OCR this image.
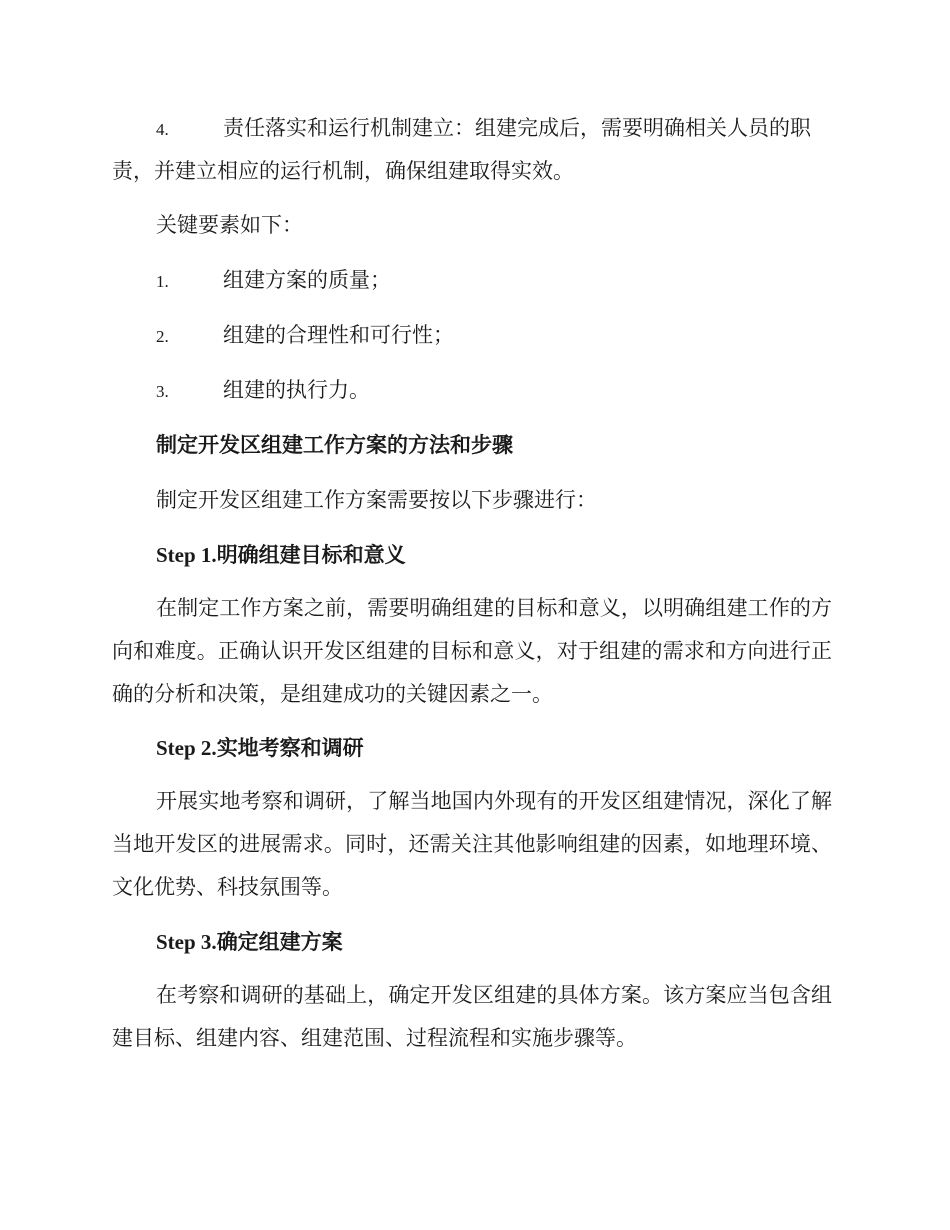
4.	责任落实和运行机制建立：组建完成后，需要明确相关人员的职
责，并建立相应的运行机制，确保组建取得实效。
关键要素如下：
1.	组建方案的质量；
2.	组建的合理性和可行性；
3.	组建的执行力。
制定开发区组建工作方案的方法和步骤
制定开发区组建工作方案需要按以下步骤进行：
Step 1.明确组建目标和意义
在制定工作方案之前，需要明确组建的目标和意义，以明确组建工作的方向和难度。正确认识开发区组建的目标和意义，对于组建的需求和方向进行正确的分析和决策，是组建成功的关键因素之一。
Step 2.实地考察和调研
开展实地考察和调研，了解当地国内外现有的开发区组建情况，深化了解当地开发区的进展需求。同时，还需关注其他影响组建的因素，如地理环境、文化优势、科技氛围等。
Step 3.确定组建方案
在考察和调研的基础上，确定开发区组建的具体方案。该方案应当包含组建目标、组建内容、组建范围、过程流程和实施步骤等。
